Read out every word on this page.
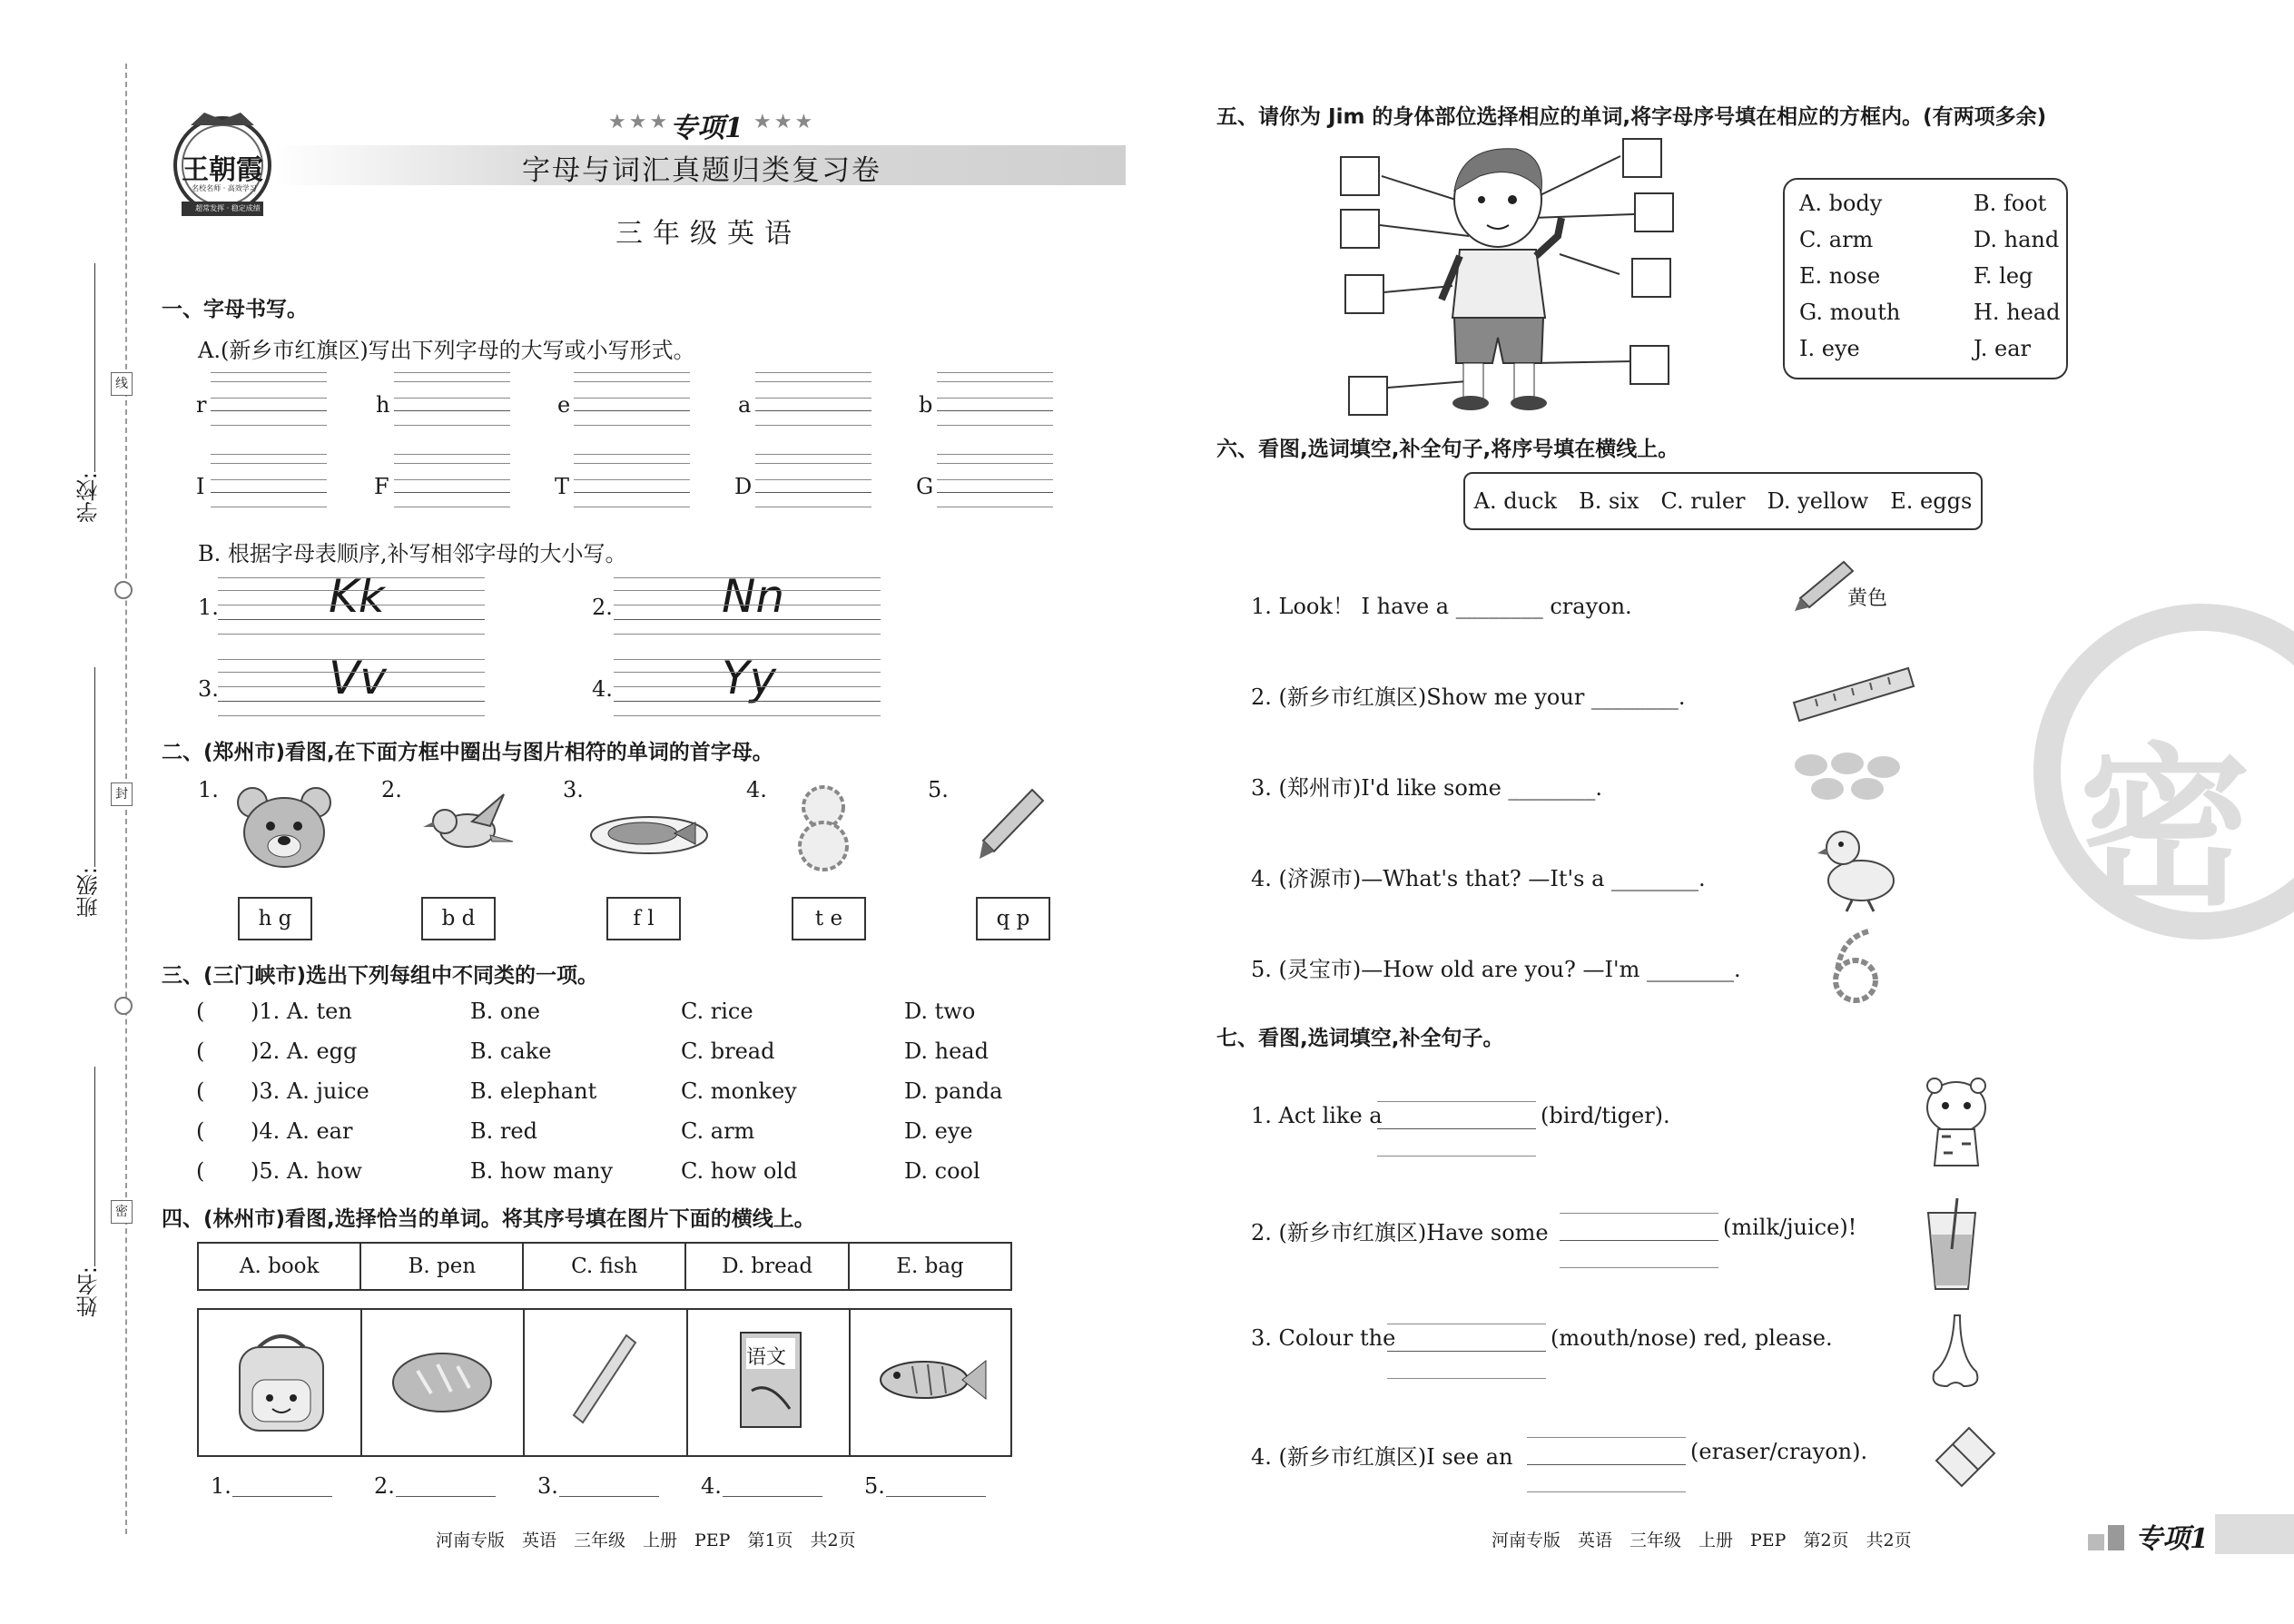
学校:
班级:
姓名:
线
封
密
王朝霞
名校名师 · 高效学习
超常发挥 · 稳定成绩
★★★ 专项1 ★★★
字母与词汇真题归类复习卷
三年级英语
一、字母书写。
A.(新乡市红旗区)写出下列字母的大写或小写形式。
r	h	e	a	b
I	F	T	D	G
B. 根据字母表顺序,补写相邻字母的大小写。
1.	2.
3.	4.
Kk	Nn
Vv	Yy
二、(郑州市)看图,在下面方框中圈出与图片相符的单词的首字母。
1.	2.	3.	4.	5.
h g	b d	f l	t e	q p
三、(三门峡市)选出下列每组中不同类的一项。
四、(林州市)看图,选择恰当的单词。将其序号填在图片下面的横线上。
A. book	B. pen	C. fish	D. bread	E. bag
语文
河南专版　英语　三年级　上册　PEP　第1页　共2页
五、请你为 Jim 的身体部位选择相应的单词,将字母序号填在相应的方框内。(有两项多余)
六、看图,选词填空,补全句子,将序号填在横线上。
A. duck　B. six　C. ruler　D. yellow　E. eggs
1. Look！ I have a ________ crayon.
2. (新乡市红旗区)Show me your ________.
3. (郑州市)I'd like some ________.
4. (济源市)—What's that? —It's a ________.
5. (灵宝市)—How old are you? —I'm ________.
黄色
七、看图,选词填空,补全句子。
密
河南专版　英语　三年级　上册　PEP　第2页　共2页	专项1
( )1. A. ten	B. one	C. rice	D. two
( )2. A. egg	B. cake	C. bread	D. head
( )3. A. juice	B. elephant	C. monkey	D. panda
( )4. A. ear	B. red	C. arm	D. eye
( )5. A. how	B. how many	C. how old	D. cool
1.	2.	3.	4.	5.
A. body	B. foot
C. arm	D. hand
E. nose	F. leg
G. mouth	H. head
I. eye	J. ear
1. Act like a	(bird/tiger).
2. (新乡市红旗区)Have some	(milk/juice)!
3. Colour the	(mouth/nose) red, please.
4. (新乡市红旗区)I see an	(eraser/crayon).
